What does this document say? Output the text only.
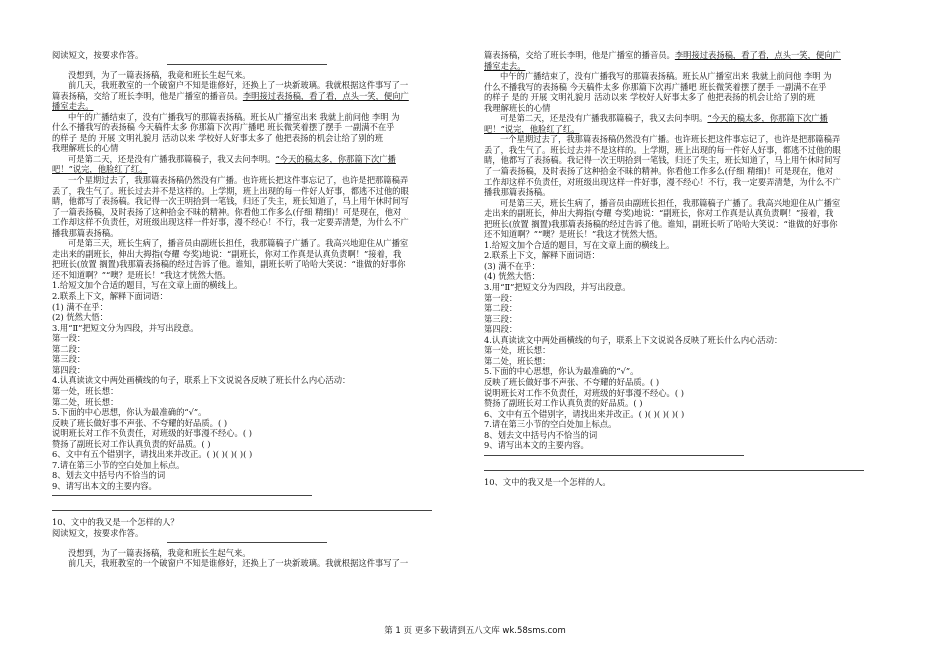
阅读短文，按要求作答。
没想到，为了一篇表扬稿，我竟和班长生起气来。
前几天，我班教室的一个破窗户不知是谁修好，还换上了一块新玻璃。我就根据这件事写了一
篇表扬稿，交给了班长李明，他是广播室的播音员。李明接过表扬稿，看了看，点头一笑，便向广
播室走去。
中午的广播结束了，没有广播我写的那篇表扬稿。班长从广播室出来 我就上前问他 李明 为
什么不播我写的表扬稿 今天稿件太多 你那篇下次再广播吧 班长微笑着摆了摆手 一副满不在乎
的样子 是的 开展 文明礼貌月 活动以来 学校好人好事太多了 他把表扬的机会让给了别的班
我理解班长的心情
可是第二天，还是没有广播我那篇稿子，我又去问李明。“今天的稿太多，你那篇下次广播
吧！”说完，他脸红了红。
一个星期过去了，我那篇表扬稿仍然没有广播。也许班长把这件事忘记了，也许是把那篇稿弄
丢了，我生气了。班长过去并不是这样的。上学期，班上出现的每一件好人好事，都逃不过他的眼
睛，他都写了表扬稿。我记得一次王明拾到一笔钱，归还了失主，班长知道了，马上用午休时间写
了一篇表扬稿，及时表扬了这种拾金不昧的精神。你看他工作多么(仔细 精细)！可是现在，他对
工作却这样不负责任，对班级出现这样一件好事，漫不经心！不行，我一定要弄清楚，为什么不广
播我那篇表扬稿。
可是第三天，班长生病了，播音员由副班长担任，我那篇稿子广播了。我高兴地迎住从广播室
走出来的副班长，伸出大拇指(夸耀 夸奖)地说：“副班长，你对工作真是认真负责啊！”接着，我
把班长(放置 搁置)我那篇表扬稿的经过告诉了他。谁知，副班长听了哈哈大笑说：“谁做的好事你
还不知道啊？”“噢？是班长！”我这才恍然大悟。
1.给短文加个合适的题目，写在文章上面的横线上。
2.联系上下文，解释下面词语：
(1) 满不在乎：
(2) 恍然大悟：
3.用“Ⅱ”把短文分为四段，并写出段意。
第一段：
第二段：
第三段：
第四段：
4.认真读读文中两处画横线的句子，联系上下文说说各反映了班长什么内心活动：
第一处，班长想：
第二处，班长想：
5.下面的中心思想，你认为最准确的“√”。
反映了班长做好事不声张、不夸耀的好品质。( )
说明班长对工作不负责任，对班级的好事漫不经心。( )
赞扬了副班长对工作认真负责的好品质。( )
6、文中有五个错别字，请找出来并改正。( )( )( )( )( )
7.请在第三小节的空白处加上标点。
8、划去文中括号内不恰当的词
9、请写出本文的主要内容。
10、文中的我又是一个怎样的人？
阅读短文，按要求作答。
没想到，为了一篇表扬稿，我竟和班长生起气来。
前几天，我班教室的一个破窗户不知是谁修好，还换上了一块新玻璃。我就根据这件事写了一
篇表扬稿，交给了班长李明，他是广播室的播音员。李明接过表扬稿，看了看，点头一笑，便向广
播室走去。
中午的广播结束了，没有广播我写的那篇表扬稿。班长从广播室出来 我就上前问他 李明 为
什么不播我写的表扬稿 今天稿件太多 你那篇下次再广播吧 班长微笑着摆了摆手 一副满不在乎
的样子 是的 开展 文明礼貌月 活动以来 学校好人好事太多了 他把表扬的机会让给了别的班
我理解班长的心情
可是第二天，还是没有广播我那篇稿子，我又去问李明。“今天的稿太多，你那篇下次广播
吧！”说完，他脸红了红。
一个星期过去了，我那篇表扬稿仍然没有广播。也许班长把这件事忘记了，也许是把那篇稿弄
丢了，我生气了。班长过去并不是这样的。上学期，班上出现的每一件好人好事，都逃不过他的眼
睛，他都写了表扬稿。我记得一次王明拾到一笔钱，归还了失主，班长知道了，马上用午休时间写
了一篇表扬稿，及时表扬了这种拾金不昧的精神。你看他工作多么(仔细 精细)！可是现在，他对
工作却这样不负责任，对班级出现这样一件好事，漫不经心！不行，我一定要弄清楚，为什么不广
播我那篇表扬稿。
可是第三天，班长生病了，播音员由副班长担任，我那篇稿子广播了。我高兴地迎住从广播室
走出来的副班长，伸出大拇指(夸耀 夸奖)地说：“副班长，你对工作真是认真负责啊！”接着，我
把班长(放置 搁置)我那篇表扬稿的经过告诉了他。谁知，副班长听了哈哈大笑说：“谁做的好事你
还不知道啊？”“噢？是班长！”我这才恍然大悟。
1.给短文加个合适的题目，写在文章上面的横线上。
2.联系上下文，解释下面词语：
(3) 满不在乎：
(4) 恍然大悟：
3.用“Ⅱ”把短文分为四段，并写出段意。
第一段：
第二段：
第三段：
第四段：
4.认真读读文中两处画横线的句子，联系上下文说说各反映了班长什么内心活动：
第一处，班长想：
第二处，班长想：
5.下面的中心思想，你认为最准确的“√”。
反映了班长做好事不声张、不夸耀的好品质。( )
说明班长对工作不负责任，对班级的好事漫不经心。( )
赞扬了副班长对工作认真负责的好品质。( )
6、文中有五个错别字，请找出来并改正。( )( )( )( )( )
7.请在第三小节的空白处加上标点。
8、划去文中括号内不恰当的词
9、请写出本文的主要内容。
10、文中的我又是一个怎样的人。
第 1 页 更多下载请到五八文库 wk.58sms.com
